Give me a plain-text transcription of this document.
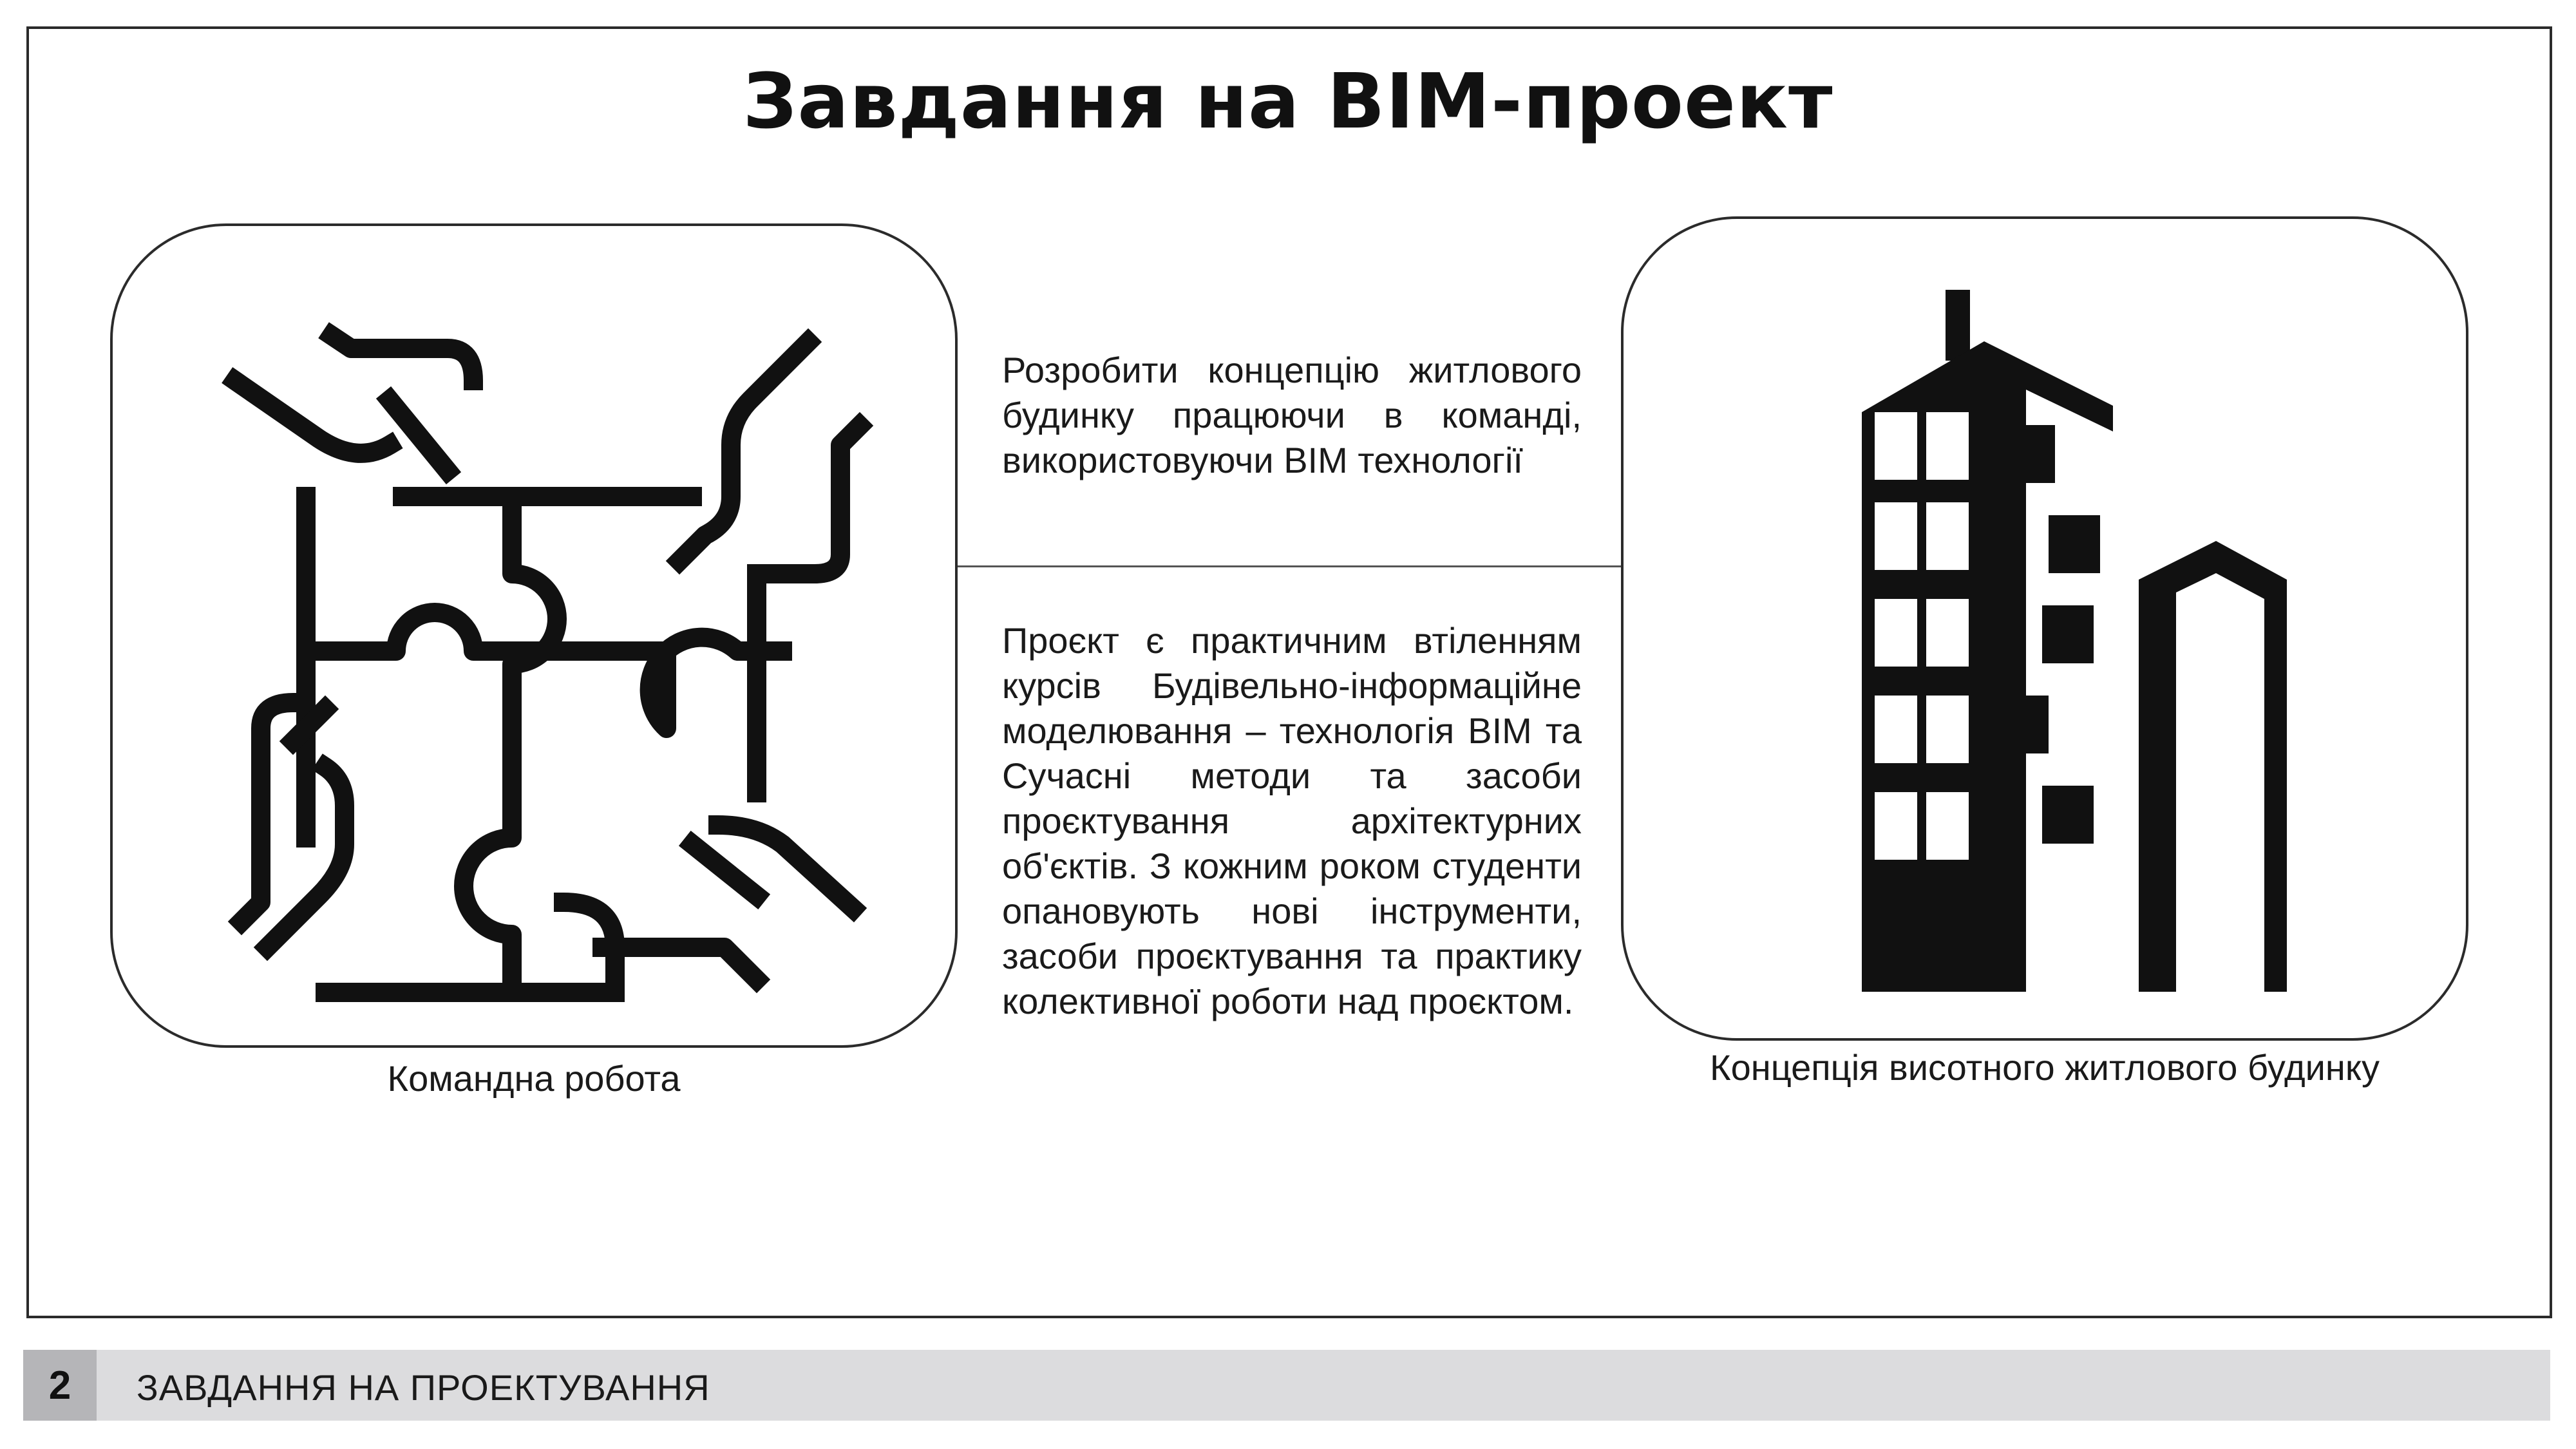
Завдання на BIM-проект
Командна робота	Концепція висотного житлового будинку
Розробити концепцію житлового будинку працюючи в команді, використовуючи BIM технології
Проєкт є практичним втіленням курсів Будівельно-інформаційне моделювання – технологія BIM та Сучасні методи та засоби проєктування архітектурних об'єктів. З кожним роком студенти опановують нові інструменти, засоби проєктування та практику колективної роботи над проєктом.
2	ЗАВДАННЯ НА ПРОЕКТУВАННЯ
